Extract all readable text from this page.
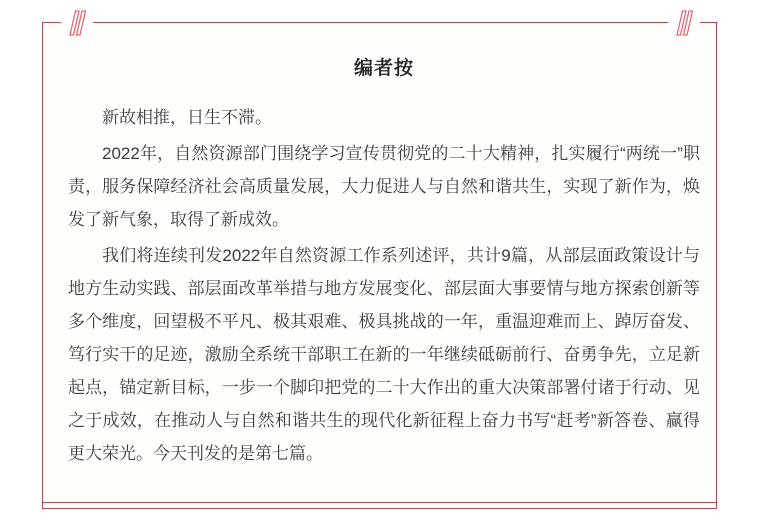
编者按

新故相推，日生不滞。

2022年，自然资源部门围绕学习宣传贯彻党的二十大精神，扎实履行“两统一”职责，服务保障经济社会高质量发展，大力促进人与自然和谐共生，实现了新作为，焕发了新气象，取得了新成效。

我们将连续刊发2022年自然资源工作系列述评，共计9篇，从部层面政策设计与地方生动实践、部层面改革举措与地方发展变化、部层面大事要情与地方探索创新等多个维度，回望极不平凡、极其艰难、极具挑战的一年，重温迎难而上、踔厉奋发、笃行实干的足迹，激励全系统干部职工在新的一年继续砥砺前行、奋勇争先，立足新起点，锚定新目标，一步一个脚印把党的二十大作出的重大决策部署付诸于行动、见之于成效，在推动人与自然和谐共生的现代化新征程上奋力书写“赶考”新答卷、赢得更大荣光。今天刊发的是第七篇。
